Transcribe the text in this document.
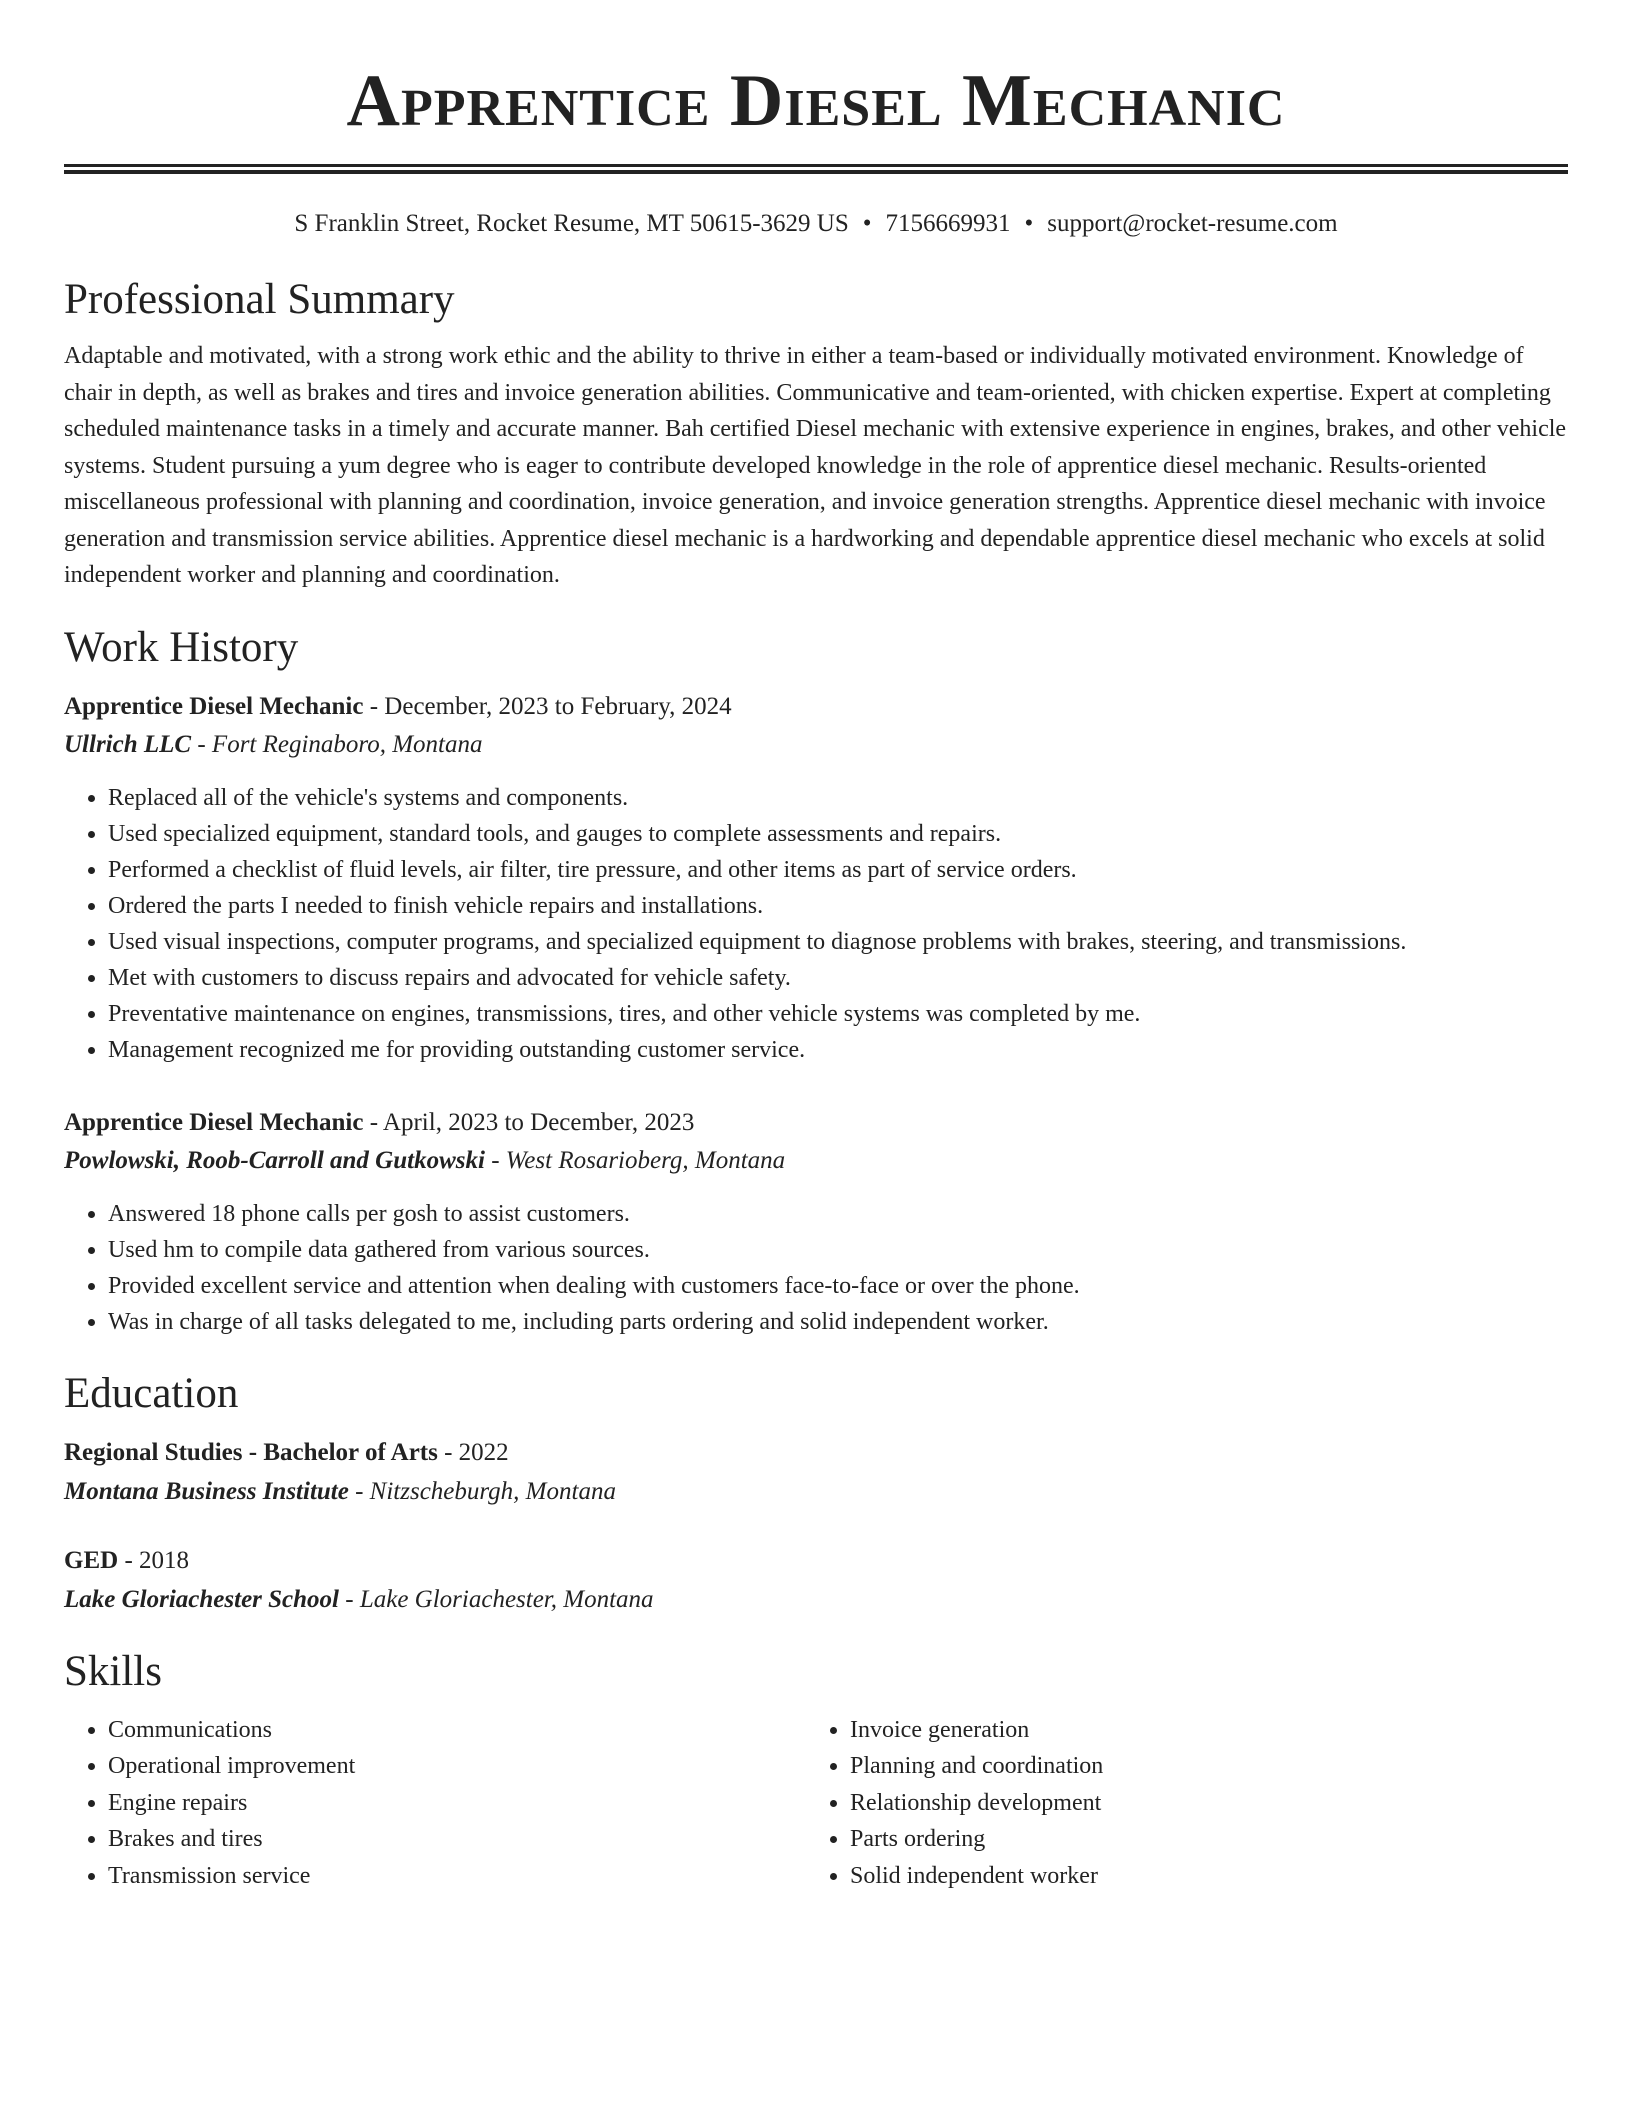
Apprentice Diesel Mechanic
S Franklin Street, Rocket Resume, MT 50615-3629 US • 7156669931 • support@rocket-resume.com
Professional Summary
Adaptable and motivated, with a strong work ethic and the ability to thrive in either a team-based or individually motivated environment. Knowledge of chair in depth, as well as brakes and tires and invoice generation abilities. Communicative and team-oriented, with chicken expertise. Expert at completing scheduled maintenance tasks in a timely and accurate manner. Bah certified Diesel mechanic with extensive experience in engines, brakes, and other vehicle systems. Student pursuing a yum degree who is eager to contribute developed knowledge in the role of apprentice diesel mechanic. Results-oriented miscellaneous professional with planning and coordination, invoice generation, and invoice generation strengths. Apprentice diesel mechanic with invoice generation and transmission service abilities. Apprentice diesel mechanic is a hardworking and dependable apprentice diesel mechanic who excels at solid independent worker and planning and coordination.
Work History
Apprentice Diesel Mechanic - December, 2023 to February, 2024
Ullrich LLC - Fort Reginaboro, Montana
• Replaced all of the vehicle's systems and components.
• Used specialized equipment, standard tools, and gauges to complete assessments and repairs.
• Performed a checklist of fluid levels, air filter, tire pressure, and other items as part of service orders.
• Ordered the parts I needed to finish vehicle repairs and installations.
• Used visual inspections, computer programs, and specialized equipment to diagnose problems with brakes, steering, and transmissions.
• Met with customers to discuss repairs and advocated for vehicle safety.
• Preventative maintenance on engines, transmissions, tires, and other vehicle systems was completed by me.
• Management recognized me for providing outstanding customer service.
Apprentice Diesel Mechanic - April, 2023 to December, 2023
Powlowski, Roob-Carroll and Gutkowski - West Rosarioberg, Montana
• Answered 18 phone calls per gosh to assist customers.
• Used hm to compile data gathered from various sources.
• Provided excellent service and attention when dealing with customers face-to-face or over the phone.
• Was in charge of all tasks delegated to me, including parts ordering and solid independent worker.
Education
Regional Studies - Bachelor of Arts - 2022
Montana Business Institute - Nitzscheburgh, Montana
GED - 2018
Lake Gloriachester School - Lake Gloriachester, Montana
Skills
• Communications
• Operational improvement
• Engine repairs
• Brakes and tires
• Transmission service
• Invoice generation
• Planning and coordination
• Relationship development
• Parts ordering
• Solid independent worker
